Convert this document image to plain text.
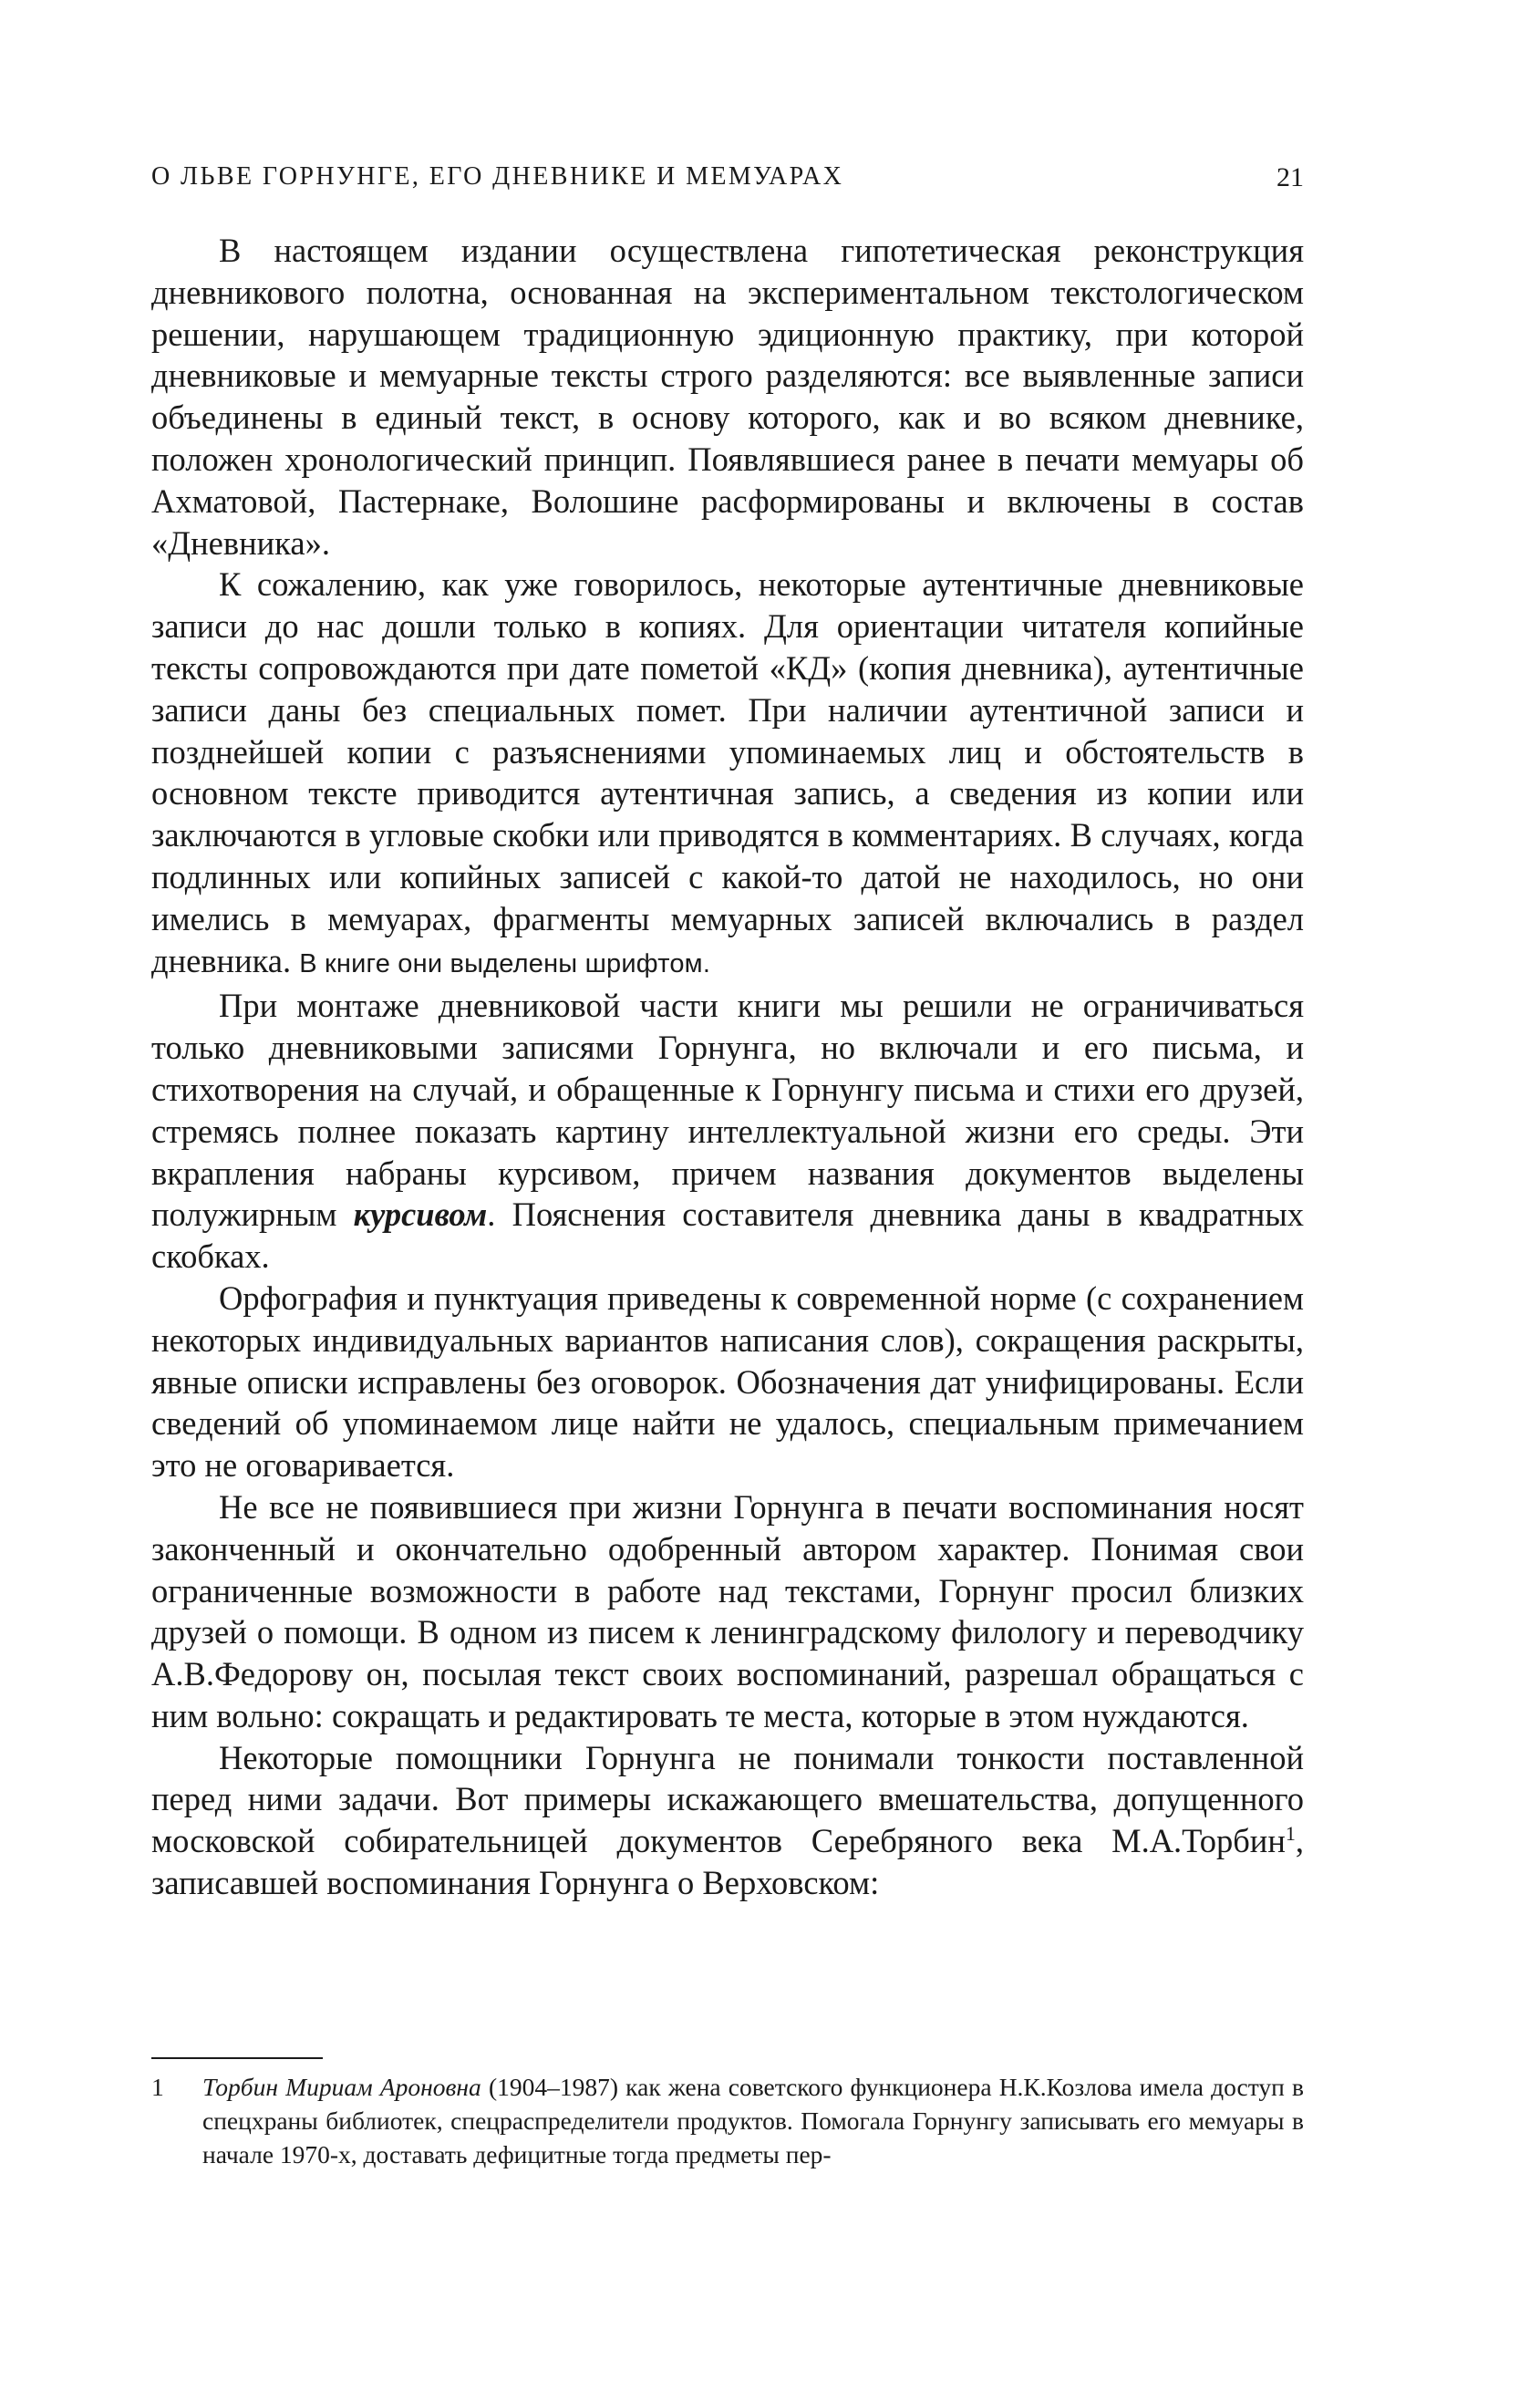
О ЛЬВЕ ГОРНУНГЕ, ЕГО ДНЕВНИКЕ И МЕМУАРАХ	21

В настоящем издании осуществлена гипотетическая реконструкция дневникового полотна, основанная на экспериментальном текстологическом решении, нарушающем традиционную эдиционную практику, при которой дневниковые и мемуарные тексты строго разделяются: все выявленные записи объединены в единый текст, в основу которого, как и во всяком дневнике, положен хронологический принцип. Появлявшиеся ранее в печати мемуары об Ахматовой, Пастернаке, Волошине расформированы и включены в состав «Дневника».

К сожалению, как уже говорилось, некоторые аутентичные дневниковые записи до нас дошли только в копиях. Для ориентации читателя копийные тексты сопровождаются при дате пометой «КД» (копия дневника), аутентичные записи даны без специальных помет. При наличии аутентичной записи и позднейшей копии с разъяснениями упоминаемых лиц и обстоятельств в основном тексте приводится аутентичная запись, а сведения из копии или заключаются в угловые скобки или приводятся в комментариях. В случаях, когда подлинных или копийных записей с какой-то датой не находилось, но они имелись в мемуарах, фрагменты мемуарных записей включались в раздел дневника. В книге они выделены шрифтом.

При монтаже дневниковой части книги мы решили не ограничиваться только дневниковыми записями Горнунга, но включали и его письма, и стихотворения на случай, и обращенные к Горнунгу письма и стихи его друзей, стремясь полнее показать картину интеллектуальной жизни его среды. Эти вкрапления набраны курсивом, причем названия документов выделены полужирным курсивом. Пояснения составителя дневника даны в квадратных скобках.

Орфография и пунктуация приведены к современной норме (с сохранением некоторых индивидуальных вариантов написания слов), сокращения раскрыты, явные описки исправлены без оговорок. Обозначения дат унифицированы. Если сведений об упоминаемом лице найти не удалось, специальным примечанием это не оговаривается.

Не все не появившиеся при жизни Горнунга в печати воспоминания носят законченный и окончательно одобренный автором характер. Понимая свои ограниченные возможности в работе над текстами, Горнунг просил близких друзей о помощи. В одном из писем к ленинградскому филологу и переводчику А.В.Федорову он, посылая текст своих воспоминаний, разрешал обращаться с ним вольно: сокращать и редактировать те места, которые в этом нуждаются.

Некоторые помощники Горнунга не понимали тонкости поставленной перед ними задачи. Вот примеры искажающего вмешательства, допущенного московской собирательницей документов Серебряного века М.А.Торбин$^1$, записавшей воспоминания Горнунга о Верховском:

1 Торбин Мириам Ароновна (1904–1987) как жена советского функционера Н.К.Козлова имела доступ в спецхраны библиотек, спецраспределители продуктов. Помогала Горнунгу записывать его мемуары в начале 1970-х, доставать дефицитные тогда предметы пер-
